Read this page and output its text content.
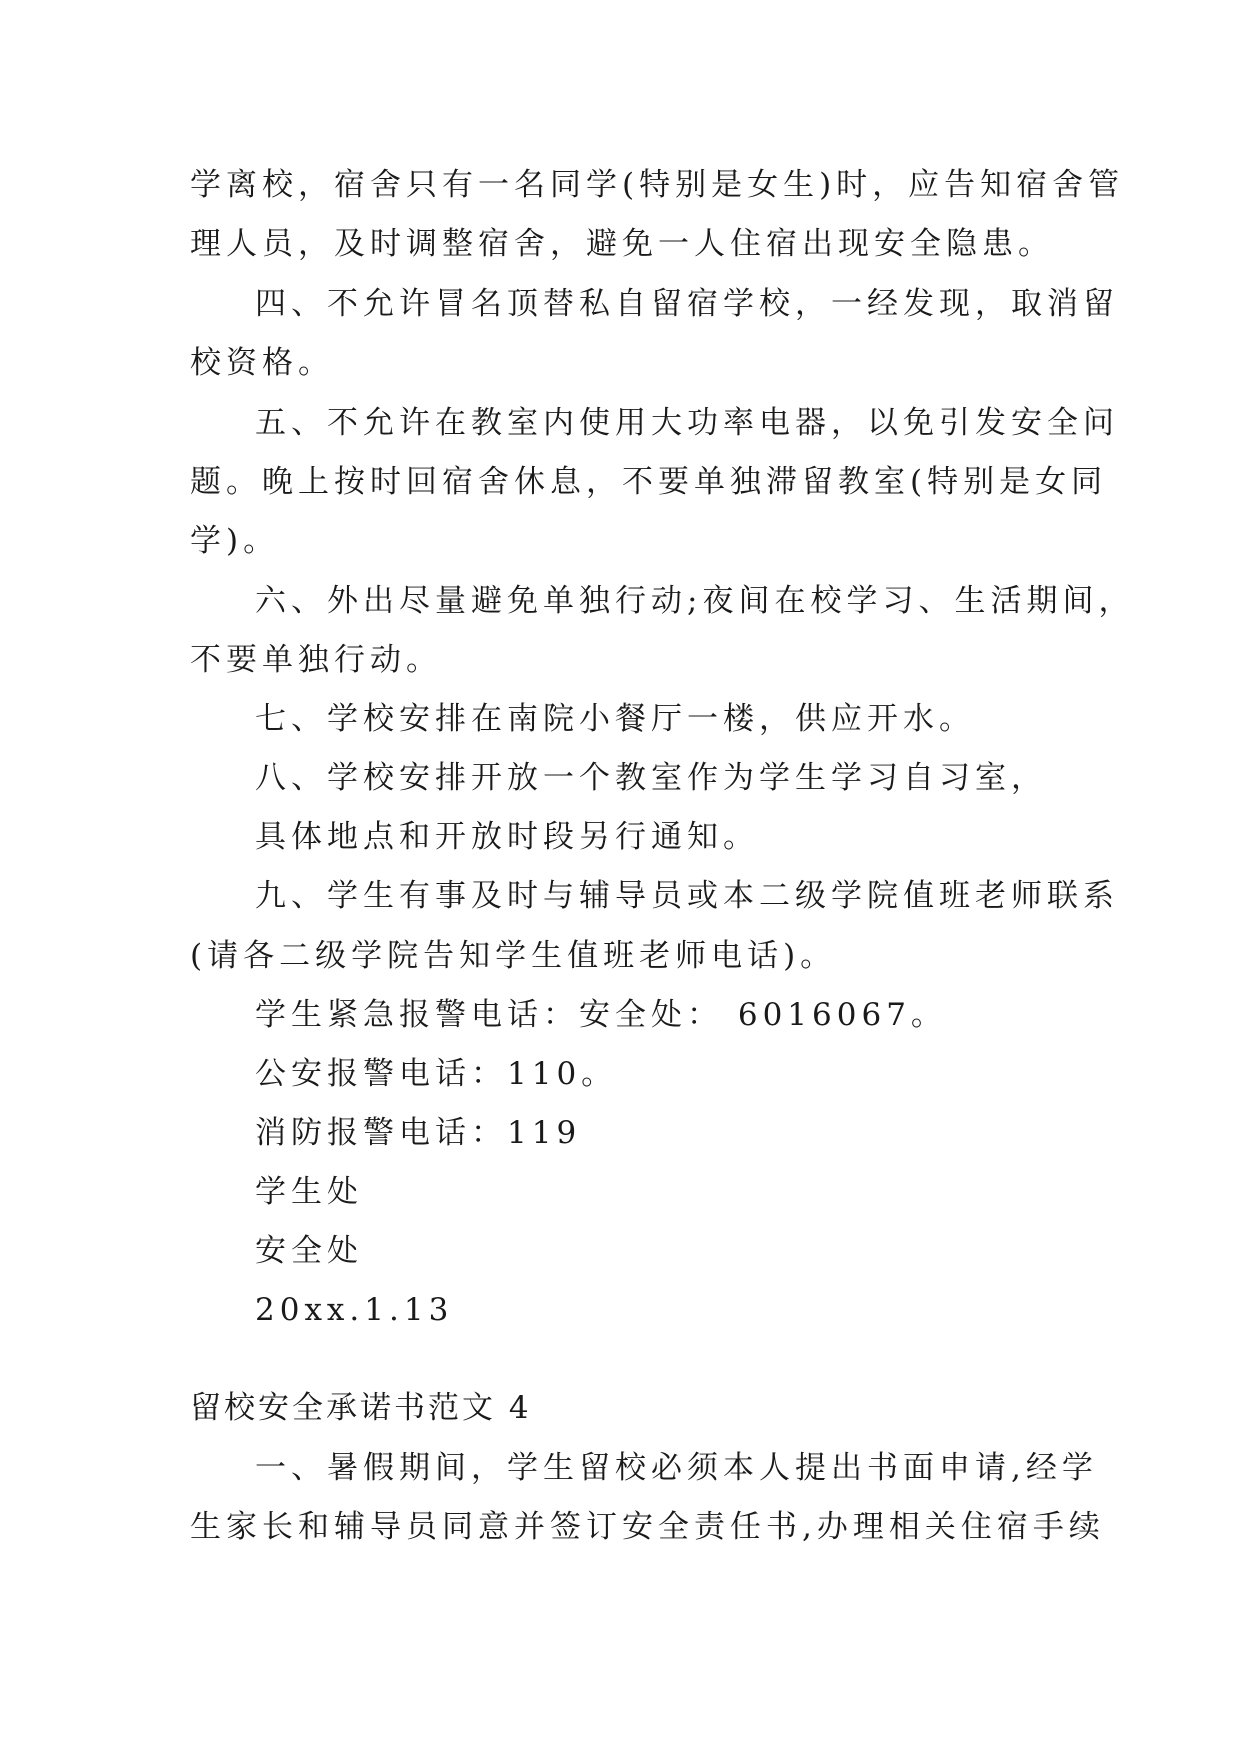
学离校，宿舍只有一名同学(特别是女生)时，应告知宿舍管
理人员，及时调整宿舍，避免一人住宿出现安全隐患。
四、不允许冒名顶替私自留宿学校，一经发现，取消留
校资格。
五、不允许在教室内使用大功率电器，以免引发安全问
题。晚上按时回宿舍休息，不要单独滞留教室(特别是女同
学)。
六、外出尽量避免单独行动;夜间在校学习、生活期间，
不要单独行动。
七、学校安排在南院小餐厅一楼，供应开水。
八、学校安排开放一个教室作为学生学习自习室，
具体地点和开放时段另行通知。
九、学生有事及时与辅导员或本二级学院值班老师联系
(请各二级学院告知学生值班老师电话)。
学生紧急报警电话：安全处： 6016067。
公安报警电话：110。
消防报警电话：119
学生处
安全处
20xx.1.13
留校安全承诺书范文 4
一、暑假期间，学生留校必须本人提出书面申请,经学
生家长和辅导员同意并签订安全责任书,办理相关住宿手续
